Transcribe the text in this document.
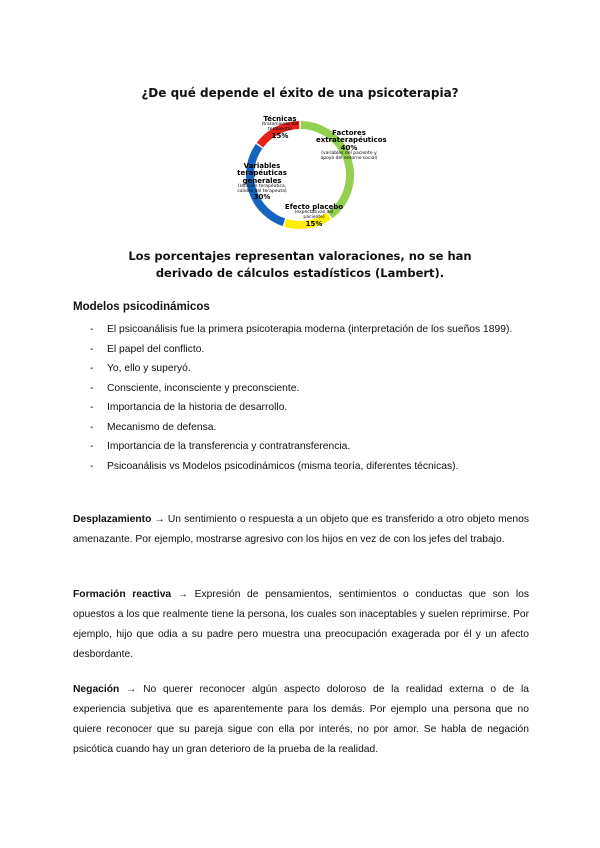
¿De qué depende el éxito de una psicoterapia?
Técnicas
(tratamiento del terapeuta)
15%	Factores extraterapéuticos
40%
(variables del paciente y apoyo del entorno social)
Variables terapéuticas generales
(relación terapéutica, calidez del terapeuta)
30%
Efecto placebo
(expectativas del paciente)
15%
Los porcentajes representan valoraciones, no se han
derivado de cálculos estadísticos (Lambert).
Modelos psicodinámicos
- El psicoanálisis fue la primera psicoterapia moderna (interpretación de los sueños 1899).
- El papel del conflicto.
- Yo, ello y superyó.
- Consciente, inconsciente y preconsciente.
- Importancia de la historia de desarrollo.
- Mecanismo de defensa.
- Importancia de la transferencia y contratransferencia.
- Psicoanálisis vs Modelos psicodinámicos (misma teoría, diferentes técnicas).
Desplazamiento → Un sentimiento o respuesta a un objeto que es transferido a otro objeto menos amenazante. Por ejemplo, mostrarse agresivo con los hijos en vez de con los jefes del trabajo.
Formación reactiva → Expresión de pensamientos, sentimientos o conductas que son los opuestos a los que realmente tiene la persona, los cuales son inaceptables y suelen reprimirse. Por ejemplo, hijo que odia a su padre pero muestra una preocupación exagerada por él y un afecto desbordante.
Negación → No querer reconocer algún aspecto doloroso de la realidad externa o de la experiencia subjetiva que es aparentemente para los demás. Por ejemplo una persona que no quiere reconocer que su pareja sigue con ella por interés, no por amor. Se habla de negación psicótica cuando hay un gran deterioro de la prueba de la realidad.
